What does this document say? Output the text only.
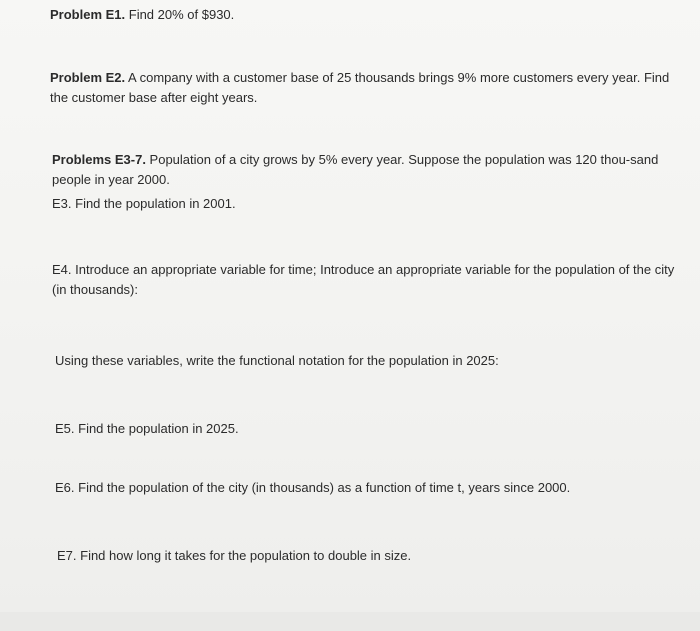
Problem E1. Find 20% of $930.
Problem E2. A company with a customer base of 25 thousands brings 9% more customers every year. Find the customer base after eight years.
Problems E3-7. Population of a city grows by 5% every year. Suppose the population was 120 thou-sand people in year 2000.
E3. Find the population in 2001.
E4. Introduce an appropriate variable for time; Introduce an appropriate variable for the population of the city (in thousands):
Using these variables, write the functional notation for the population in 2025:
E5. Find the population in 2025.
E6. Find the population of the city (in thousands) as a function of time t, years since 2000.
E7. Find how long it takes for the population to double in size.
